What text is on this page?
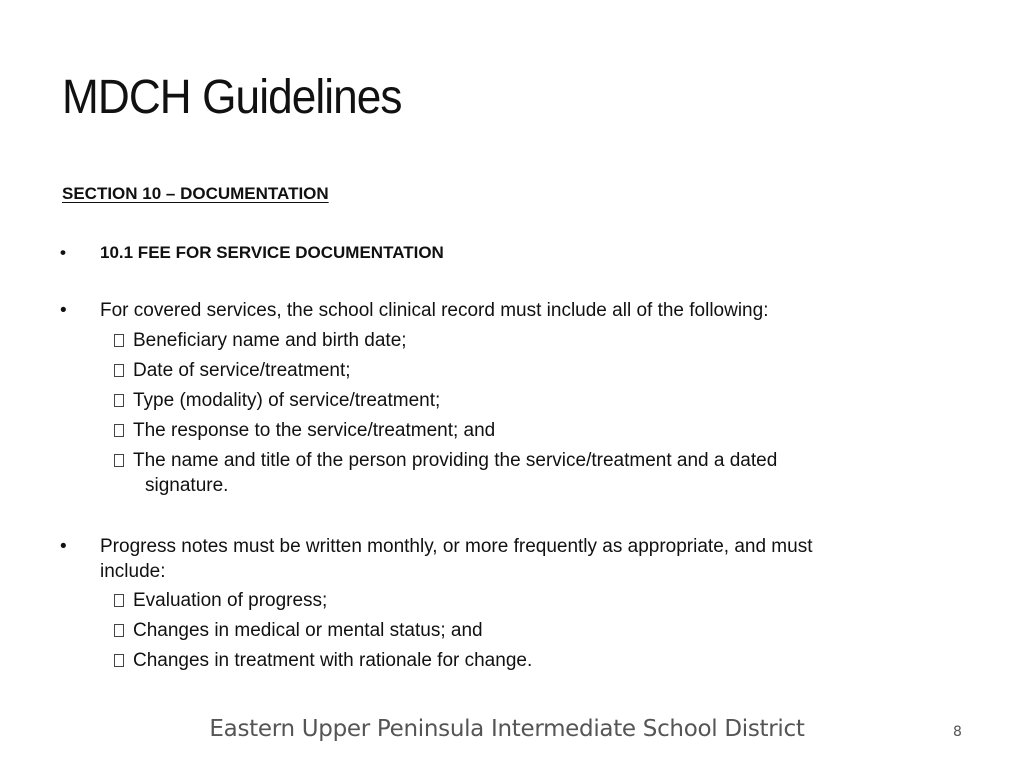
MDCH Guidelines
SECTION 10 – DOCUMENTATION
•	10.1 FEE FOR SERVICE DOCUMENTATION
•	For covered services, the school clinical record must include all of the following:
Beneficiary name and birth date;
Date of service/treatment;
Type (modality) of service/treatment;
The response to the service/treatment; and
The name and title of the person providing the service/treatment and a dated
signature.
•	Progress notes must be written monthly, or more frequently as appropriate, and must
include:
Evaluation of progress;
Changes in medical or mental status; and
Changes in treatment with rationale for change.
Eastern Upper Peninsula Intermediate School District	8
